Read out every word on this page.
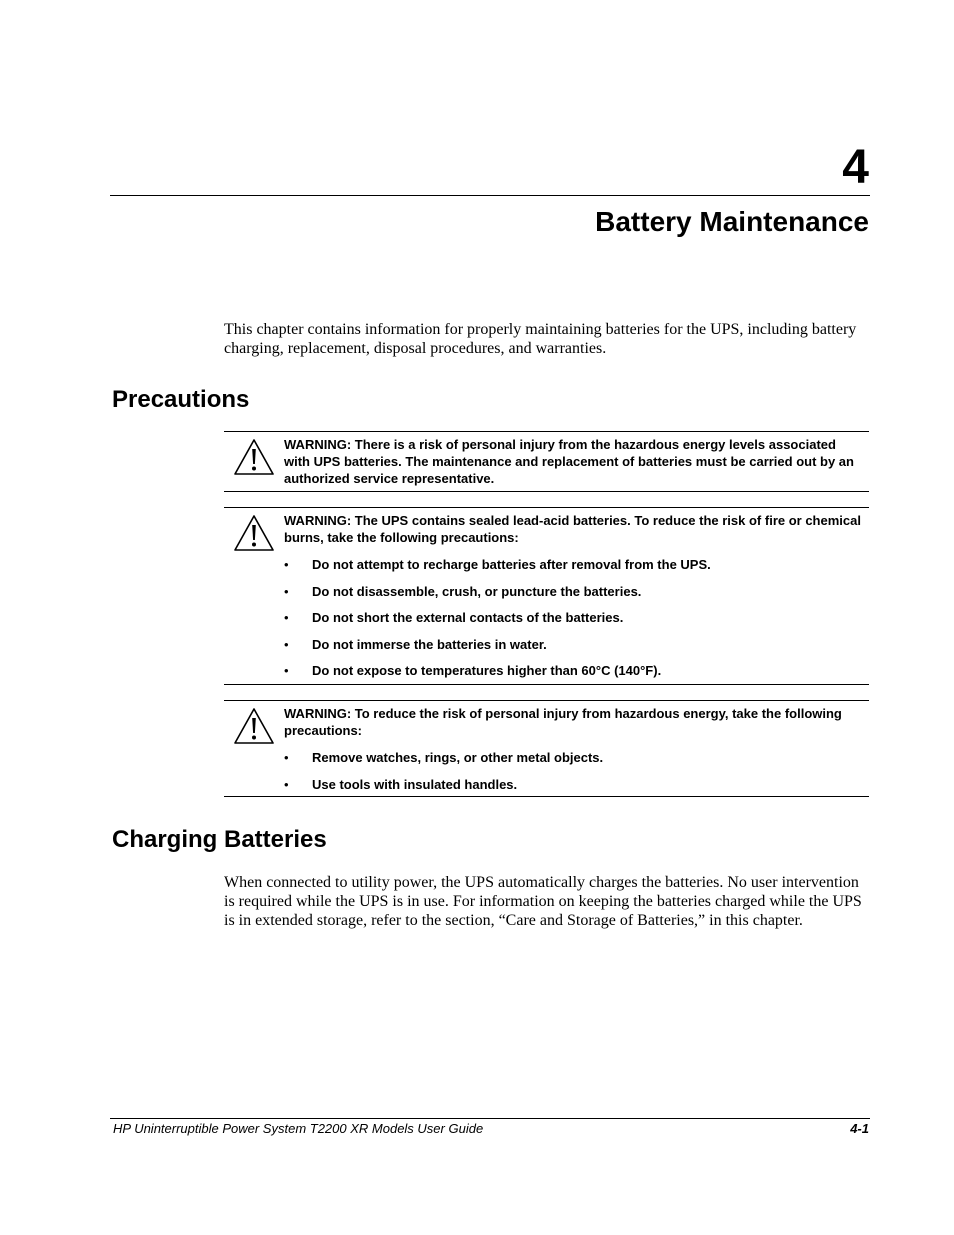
4
Battery Maintenance

This chapter contains information for properly maintaining batteries for the UPS, including battery charging, replacement, disposal procedures, and warranties.

Precautions
WARNING: There is a risk of personal injury from the hazardous energy levels associated with UPS batteries. The maintenance and replacement of batteries must be carried out by an authorized service representative.
WARNING: The UPS contains sealed lead-acid batteries. To reduce the risk of fire or chemical burns, take the following precautions:
• Do not attempt to recharge batteries after removal from the UPS.
• Do not disassemble, crush, or puncture the batteries.
• Do not short the external contacts of the batteries.
• Do not immerse the batteries in water.
• Do not expose to temperatures higher than 60°C (140°F).
WARNING: To reduce the risk of personal injury from hazardous energy, take the following precautions:
• Remove watches, rings, or other metal objects.
• Use tools with insulated handles.
Charging Batteries

When connected to utility power, the UPS automatically charges the batteries. No user intervention is required while the UPS is in use. For information on keeping the batteries charged while the UPS is in extended storage, refer to the section, “Care and Storage of Batteries,” in this chapter.

HP Uninterruptible Power System T2200 XR Models User Guide	4-1
